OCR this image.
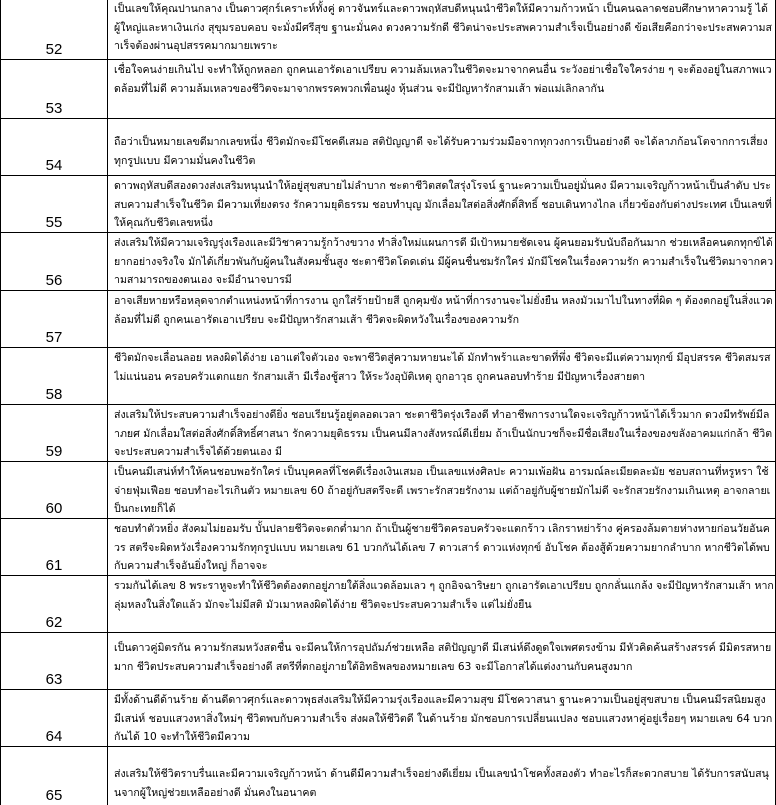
52
เป็นเลขให้คุณปานกลาง เป็นดาวศุกร์เคราะห์ทั้งคู่ ดาวจันทร์และดาวพฤหัสบดีหนุนนำชีวิตให้มีความก้าวหน้า เป็นคนฉลาดชอบศึกษาหาความรู้ ได้ผู้ใหญ่และหาเงินเก่ง สุขุมรอบคอบ จะมั่งมีศรีสุข ฐานะมั่นคง ดวงความรักดี ชีวิตน่าจะประสพความสำเร็จเป็นอย่างดี ข้อเสียคือกว่าจะประสพความสำเร็จต้องผ่านอุปสรรคมากมายเพราะ
53
เชื่อใจคนง่ายเกินไป จะทำให้ถูกหลอก ถูกคนเอารัดเอาเปรียบ ความล้มเหลวในชีวิตจะมาจากคนอื่น ระวังอย่าเชื่อใจใครง่าย ๆ จะต้องอยู่ในสภาพแวดล้อมที่ไม่ดี ความล้มเหลวของชีวิตจะมาจากพรรคพวกเพื่อนฝูง หุ้นส่วน จะมีปัญหารักสามเส้า พ่อแม่เลิกลากัน
54
ถือว่าเป็นหมายเลขดีมากเลขหนึ่ง ชีวิตมักจะมีโชคดีเสมอ สติปัญญาดี จะได้รับความร่วมมือจากทุกวงการเป็นอย่างดี จะได้ลาภก้อนโตจากการเสี่ยงทุกรูปแบบ มีความมั่นคงในชีวิต
55
ดาวพฤหัสบดีสองดวงส่งเสริมหนุนนำให้อยู่สุขสบายไม่ลำบาก ชะตาชีวิตสดใสรุ่งโรจน์ ฐานะความเป็นอยู่มั่นคง มีความเจริญก้าวหน้าเป็นลำดับ ประสบความสำเร็จในชีวิต มีความเที่ยงตรง รักความยุติธรรม ชอบทำบุญ มักเลื่อมใสต่อสิ่งศักดิ์สิทธิ์ ชอบเดินทางไกล เกี่ยวข้องกับต่างประเทศ เป็นเลขที่ให้คุณกับชีวิตเลขหนึ่ง
56
ส่งเสริมให้มีความเจริญรุ่งเรืองและมีวิชาความรู้กว้างขวาง ทำสิ่งใหม่แผนการดี มีเป้าหมายชัดเจน ผู้คนยอมรับนับถือกันมาก ช่วยเหลือคนตกทุกข์ได้ยากอย่างจริงใจ มักได้เกี่ยวพันกับผู้คนในสังคมชั้นสูง ชะตาชีวิตโดดเด่น มีผู้คนชื่นชมรักใคร่ มักมีโชคในเรื่องความรัก ความสำเร็จในชีวิตมาจากความสามารถของตนเอง จะมีอำนาจบารมี
57
อาจเสียหายหรือหลุดจากตำแหน่งหน้าที่การงาน ถูกใส่ร้ายป้ายสี ถูกคุมขัง หน้าที่การงานจะไม่ยั่งยืน หลงมัวเมาไปในทางที่ผิด ๆ ต้องตกอยู่ในสิ่งแวดล้อมที่ไม่ดี ถูกคนเอารัดเอาเปรียบ จะมีปัญหารักสามเส้า ชีวิตจะผิดหวังในเรื่องของความรัก
58
ชีวิตมักจะเลื่อนลอย หลงผิดได้ง่าย เอาแต่ใจตัวเอง จะพาชีวิตสู่ความหายนะได้ มักทำพร้าและขาดที่พึ่ง ชีวิตจะมีแต่ความทุกข์ มีอุปสรรค ชีวิตสมรสไม่แน่นอน ครอบครัวแตกแยก รักสามเส้า มีเรื่องชู้สาว ให้ระวังอุบัติเหตุ ถูกอาวุธ ถูกคนลอบทำร้าย มีปัญหาเรื่องสายตา
59
ส่งเสริมให้ประสบความสำเร็จอย่างดียิ่ง ชอบเรียนรู้อยู่ตลอดเวลา ชะตาชีวิตรุ่งเรืองดี ทำอาชีพการงานใดจะเจริญก้าวหน้าได้เร็วมาก ดวงมีทรัพย์มีลาภยศ มักเลื่อมใสต่อสิ่งศักดิ์สิทธิ์ศาสนา รักความยุติธรรม เป็นคนมีลางสังหรณ์ดีเยี่ยม ถ้าเป็นนักบวชก็จะมีชื่อเสียงในเรื่องของขลังอาคมแก่กล้า ชีวิตจะประสบความสำเร็จได้ด้วยตนเอง มี
60
เป็นคนมีเสน่ห์ทำให้คนชอบพอรักใคร่ เป็นบุคคลที่โชคดีเรื่องเงินเสมอ เป็นเลขแห่งศิลปะ ความเพ้อฝัน อารมณ์ละเมียดละมัย ชอบสถานที่หรูหรา ใช้จ่ายฟุ่มเฟือย ชอบทำอะไรเกินตัว หมายเลข 60 ถ้าอยู่กับสตรีจะดี เพราะรักสวยรักงาม แต่ถ้าอยู่กับผู้ชายมักไม่ดี จะรักสวยรักงามเกินเหตุ อาจกลายเป็นกะเทยก็ได้
61
ชอบทำตัวหยิ่ง สังคมไม่ยอมรับ บั้นปลายชีวิตจะตกต่ำมาก ถ้าเป็นผู้ชายชีวิตครอบครัวจะแตกร้าว เลิกราหย่าร้าง คู่ครองล้มตายห่างหายก่อนวัยอันควร สตรีจะผิดหวังเรื่องความรักทุกรูปแบบ หมายเลข 61 บวกกันได้เลข 7 ดาวเสาร์ ดาวแห่งทุกข์ อับโชค ต้องสู้ด้วยความยากลำบาก หากชีวิตได้พบกับความสำเร็จอันยิ่งใหญ่ ก็อาจจะ
62
รวมกันได้เลข 8 พระราหูจะทำให้ชีวิตต้องตกอยู่ภายใต้สิ่งแวดล้อมเลว ๆ ถูกอิจฉาริษยา ถูกเอารัดเอาเปรียบ ถูกกลั่นแกล้ง จะมีปัญหารักสามเส้า หากลุ่มหลงในสิ่งใดแล้ว มักจะไม่มีสติ มัวเมาหลงผิดได้ง่าย ชีวิตจะประสบความสำเร็จ แต่ไม่ยั่งยืน
63
เป็นดาวคู่มิตรกัน ความรักสมหวังสดชื่น จะมีคนให้การอุปถัมภ์ช่วยเหลือ สติปัญญาดี มีเสน่ห์ดึงดูดใจเพศตรงข้าม มีหัวคิดค้นสร้างสรรค์ มีมิตรสหายมาก ชีวิตประสบความสำเร็จอย่างดี สตรีที่ตกอยู่ภายใต้อิทธิพลของหมายเลข 63 จะมีโอกาสได้แต่งงานกับคนสูงมาก
64
มีทั้งด้านดีด้านร้าย ด้านดีดาวศุกร์และดาวพุธส่งเสริมให้มีความรุ่งเรืองและมีความสุข มีโชควาสนา ฐานะความเป็นอยู่สุขสบาย เป็นคนมีรสนิยมสูง มีเสน่ห์ ชอบแสวงหาสิ่งใหม่ๆ ชีวิตพบกับความสำเร็จ ส่งผลให้ชีวิตดี ในด้านร้าย มักชอบการเปลี่ยนแปลง ชอบแสวงหาคู่อยู่เรื่อยๆ หมายเลข 64 บวกกันได้ 10 จะทำให้ชีวิตมีความ
65
ส่งเสริมให้ชีวิตราบรื่นและมีความเจริญก้าวหน้า ด้านดีมีความสำเร็จอย่างดีเยี่ยม เป็นเลขนำโชคทั้งสองตัว ทำอะไรก็สะดวกสบาย ได้รับการสนับสนุนจากผู้ใหญ่ช่วยเหลืออย่างดี มั่นคงในอนาคต
